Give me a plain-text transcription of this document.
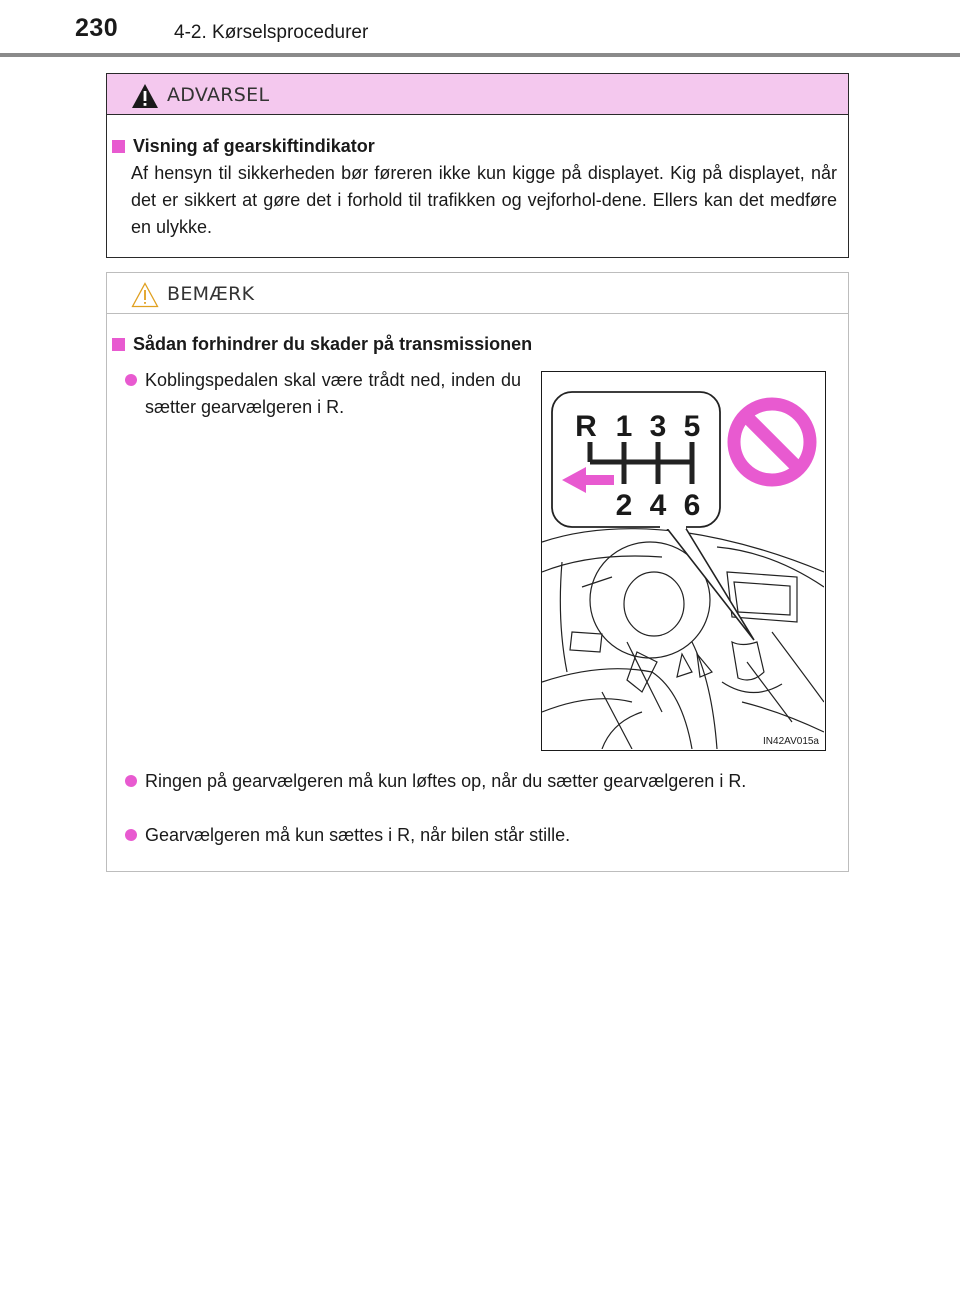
230	4-2. Kørselsprocedurer
ADVARSEL
Visning af gearskiftindikator
Af hensyn til sikkerheden bør føreren ikke kun kigge på displayet. Kig på displayet, når det er sikkert at gøre det i forhold til trafikken og vejforhol-dene. Ellers kan det medføre en ulykke.
BEMÆRK
Sådan forhindrer du skader på transmissionen
Koblingspedalen skal være trådt ned, inden du sætter gearvælgeren i R.
R 1 3 5
2 4 6
IN42AV015a
Ringen på gearvælgeren må kun løftes op, når du sætter gearvælgeren i R.
Gearvælgeren må kun sættes i R, når bilen står stille.
